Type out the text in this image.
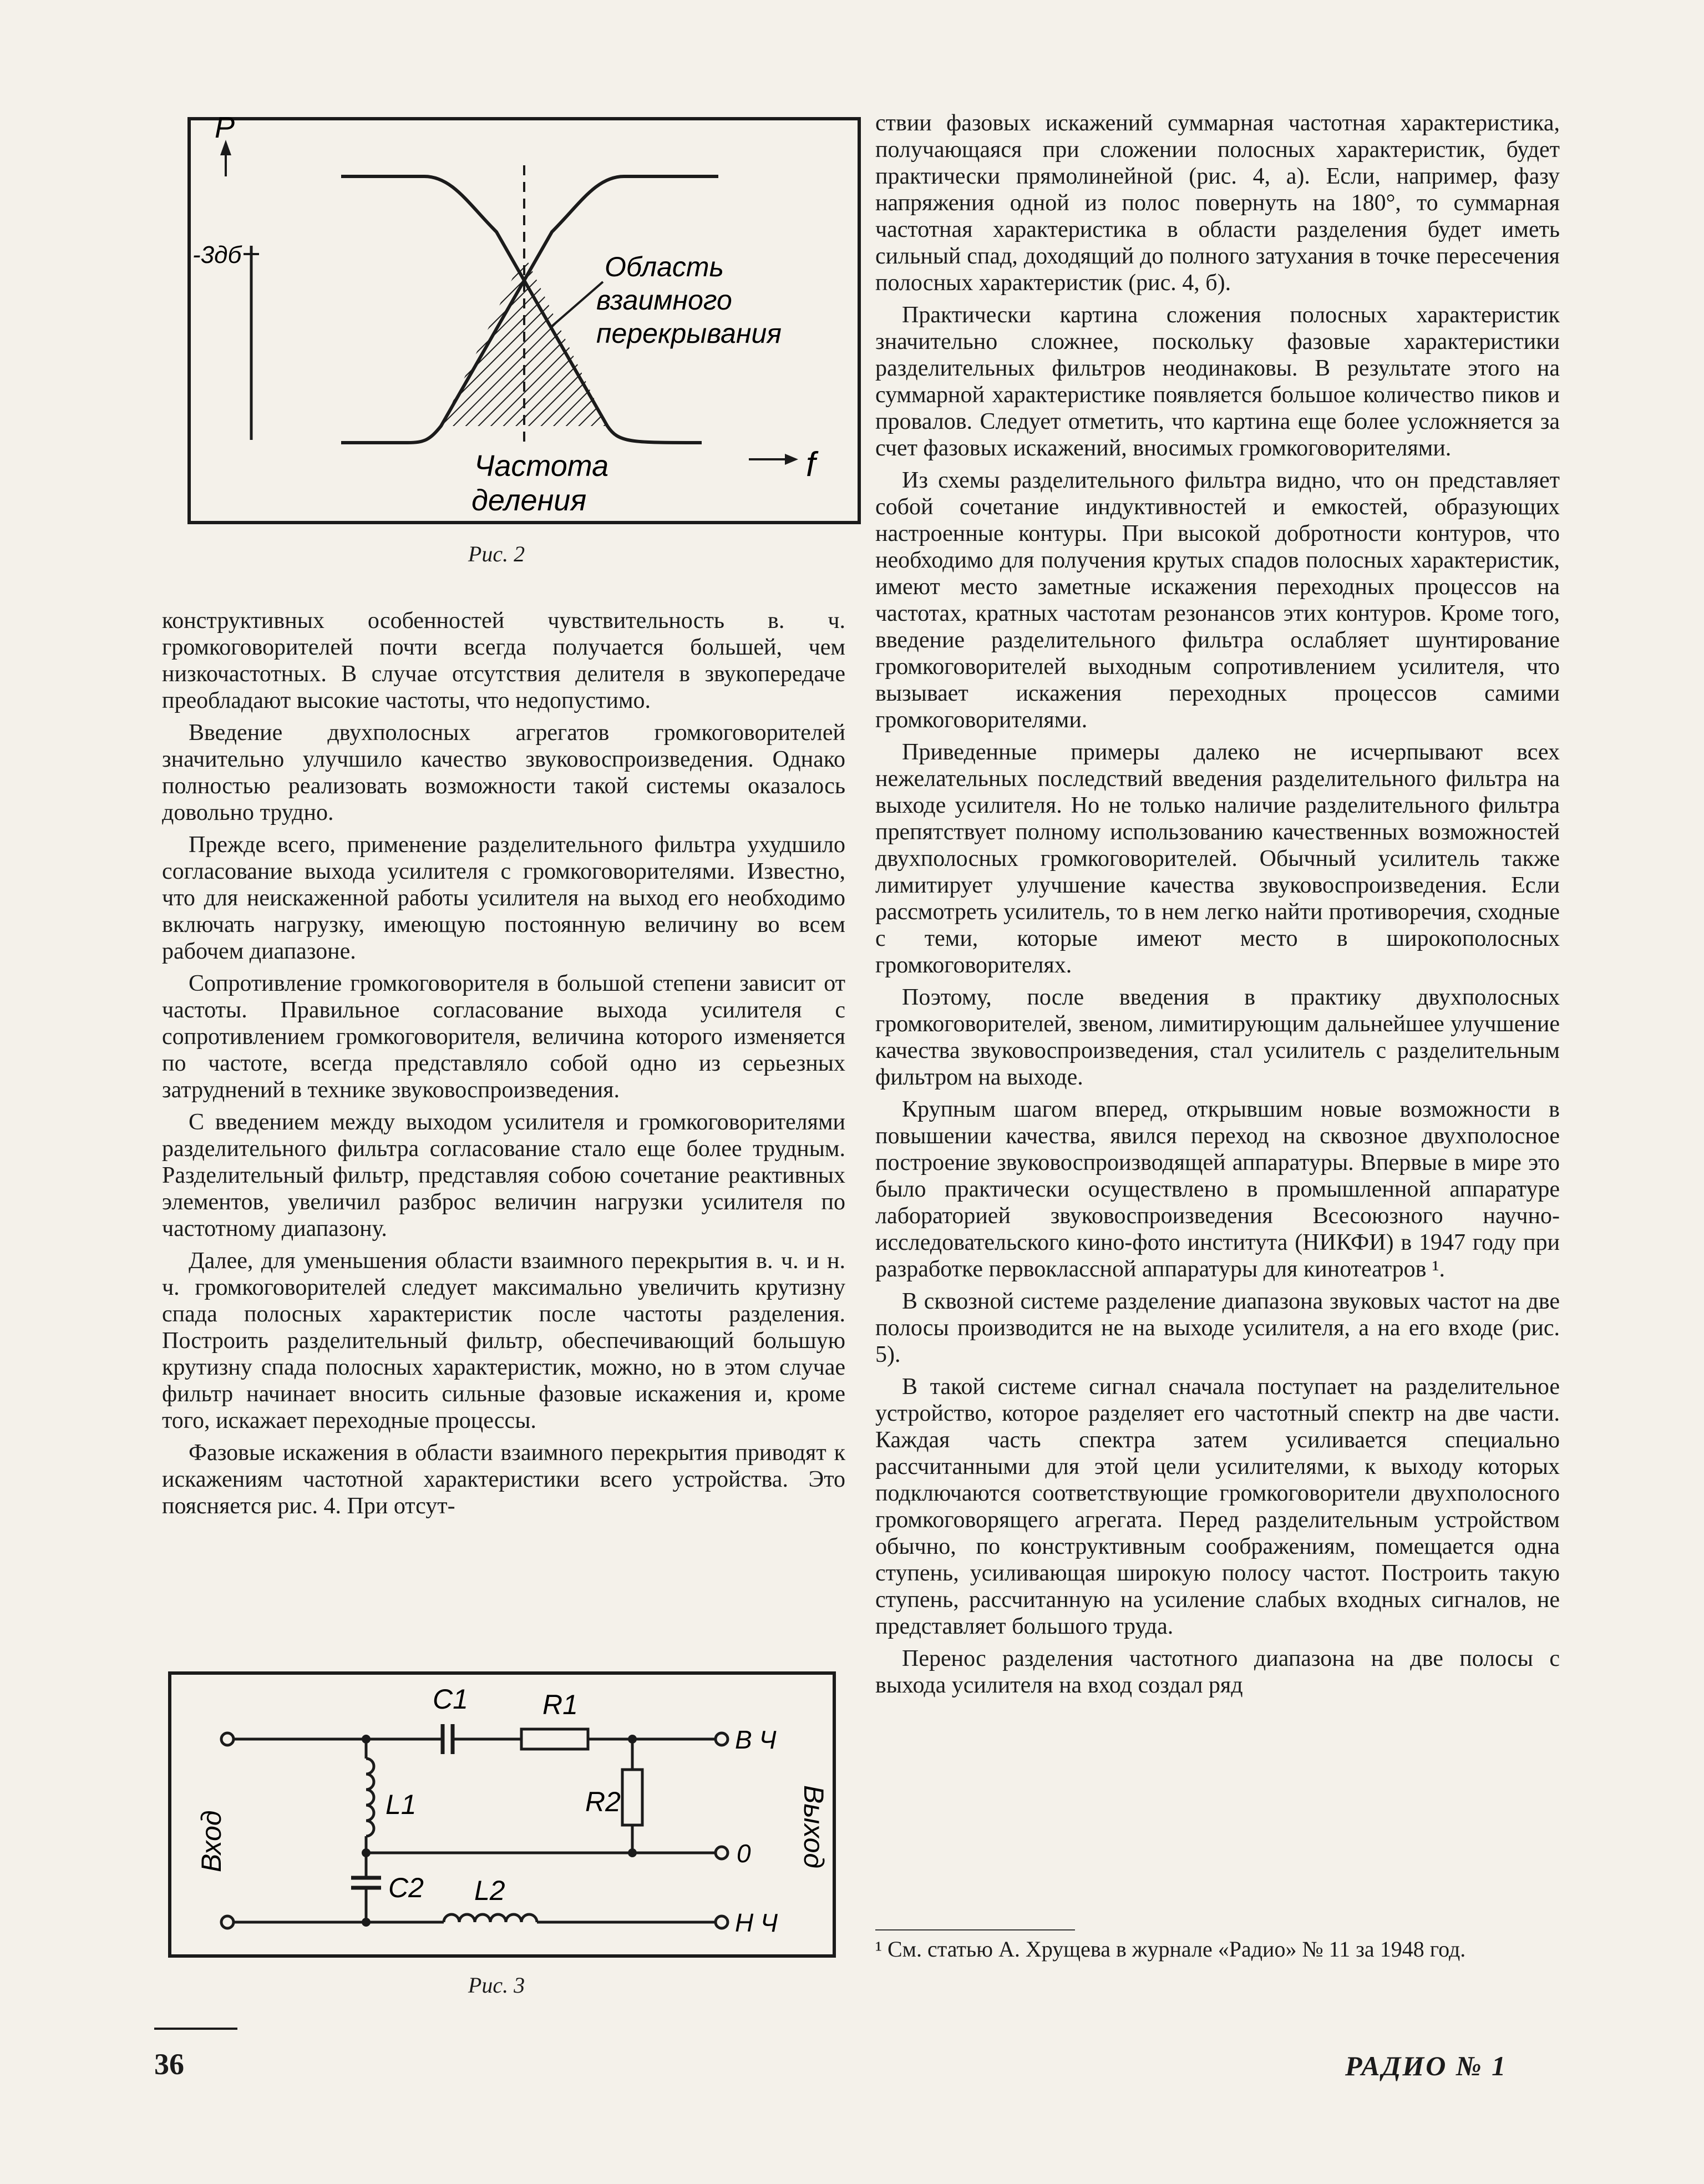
P
-3дб	Область
взаимного
перекрывания
Частота
деления
f
Рис. 2

конструктивных особенностей чувствительность в. ч. громкоговорителей почти всегда получается большей, чем низкочастотных. В случае отсутствия делителя в звукопередаче преобладают высокие частоты, что недопустимо.

Введение двухполосных агрегатов громкоговорителей значительно улучшило качество звуковоспроизведения. Однако полностью реализовать возможности такой системы оказалось довольно трудно.

Прежде всего, применение разделительного фильтра ухудшило согласование выхода усилителя с громкоговорителями. Известно, что для неискаженной работы усилителя на выход его необходимо включать нагрузку, имеющую постоянную величину во всем рабочем диапазоне.

Сопротивление громкоговорителя в большой степени зависит от частоты. Правильное согласование выхода усилителя с сопротивлением громкоговорителя, величина которого изменяется по частоте, всегда представляло собой одно из серьезных затруднений в технике звуковоспроизведения.

С введением между выходом усилителя и громкоговорителями разделительного фильтра согласование стало еще более трудным. Разделительный фильтр, представляя собою сочетание реактивных элементов, увеличил разброс величин нагрузки усилителя по частотному диапазону.

Далее, для уменьшения области взаимного перекрытия в. ч. и н. ч. громкоговорителей следует максимально увеличить крутизну спада полосных характеристик после частоты разделения. Построить разделительный фильтр, обеспечивающий большую крутизну спада полосных характеристик, можно, но в этом случае фильтр начинает вносить сильные фазовые искажения и, кроме того, искажает переходные процессы.

Фазовые искажения в области взаимного перекрытия приводят к искажениям частотной характеристики всего устройства. Это поясняется рис. 4. При отсут-

C1	R1
В Ч
L1
0
R2
C2 L2
Н Ч
Вход	Выход
Рис. 3

ствии фазовых искажений суммарная частотная характеристика, получающаяся при сложении полосных характеристик, будет практически прямолинейной (рис. 4, а). Если, например, фазу напряжения одной из полос повернуть на 180°, то суммарная частотная характеристика в области разделения будет иметь сильный спад, доходящий до полного затухания в точке пересечения полосных характеристик (рис. 4, б).

Практически картина сложения полосных характеристик значительно сложнее, поскольку фазовые характеристики разделительных фильтров неодинаковы. В результате этого на суммарной характеристике появляется большое количество пиков и провалов. Следует отметить, что картина еще более усложняется за счет фазовых искажений, вносимых громкоговорителями.

Из схемы разделительного фильтра видно, что он представляет собой сочетание индуктивностей и емкостей, образующих настроенные контуры. При высокой добротности контуров, что необходимо для получения крутых спадов полосных характеристик, имеют место заметные искажения переходных процессов на частотах, кратных частотам резонансов этих контуров. Кроме того, введение разделительного фильтра ослабляет шунтирование громкоговорителей выходным сопротивлением усилителя, что вызывает искажения переходных процессов самими громкоговорителями.

Приведенные примеры далеко не исчерпывают всех нежелательных последствий введения разделительного фильтра на выходе усилителя. Но не только наличие разделительного фильтра препятствует полному использованию качественных возможностей двухполосных громкоговорителей. Обычный усилитель также лимитирует улучшение качества звуковоспроизведения. Если рассмотреть усилитель, то в нем легко найти противоречия, сходные с теми, которые имеют место в широкополосных громкоговорителях.

Поэтому, после введения в практику двухполосных громкоговорителей, звеном, лимитирующим дальнейшее улучшение качества звуковоспроизведения, стал усилитель с разделительным фильтром на выходе.

Крупным шагом вперед, открывшим новые возможности в повышении качества, явился переход на сквозное двухполосное построение звуковоспроизводящей аппаратуры. Впервые в мире это было практически осуществлено в промышленной аппаратуре лабораторией звуковоспроизведения Всесоюзного научно-исследовательского кино-фото института (НИКФИ) в 1947 году при разработке первоклассной аппаратуры для кинотеатров ¹.

В сквозной системе разделение диапазона звуковых частот на две полосы производится не на выходе усилителя, а на его входе (рис. 5).

В такой системе сигнал сначала поступает на разделительное устройство, которое разделяет его частотный спектр на две части. Каждая часть спектра затем усиливается специально рассчитанными для этой цели усилителями, к выходу которых подключаются соответствующие громкоговорители двухполосного громкоговорящего агрегата. Перед разделительным устройством обычно, по конструктивным соображениям, помещается одна ступень, усиливающая широкую полосу частот. Построить такую ступень, рассчитанную на усиление слабых входных сигналов, не представляет большого труда.

Перенос разделения частотного диапазона на две полосы с выхода усилителя на вход создал ряд

¹ См. статью А. Хрущева в журнале «Радио» № 11 за 1948 год.
36	РАДИО № 1
